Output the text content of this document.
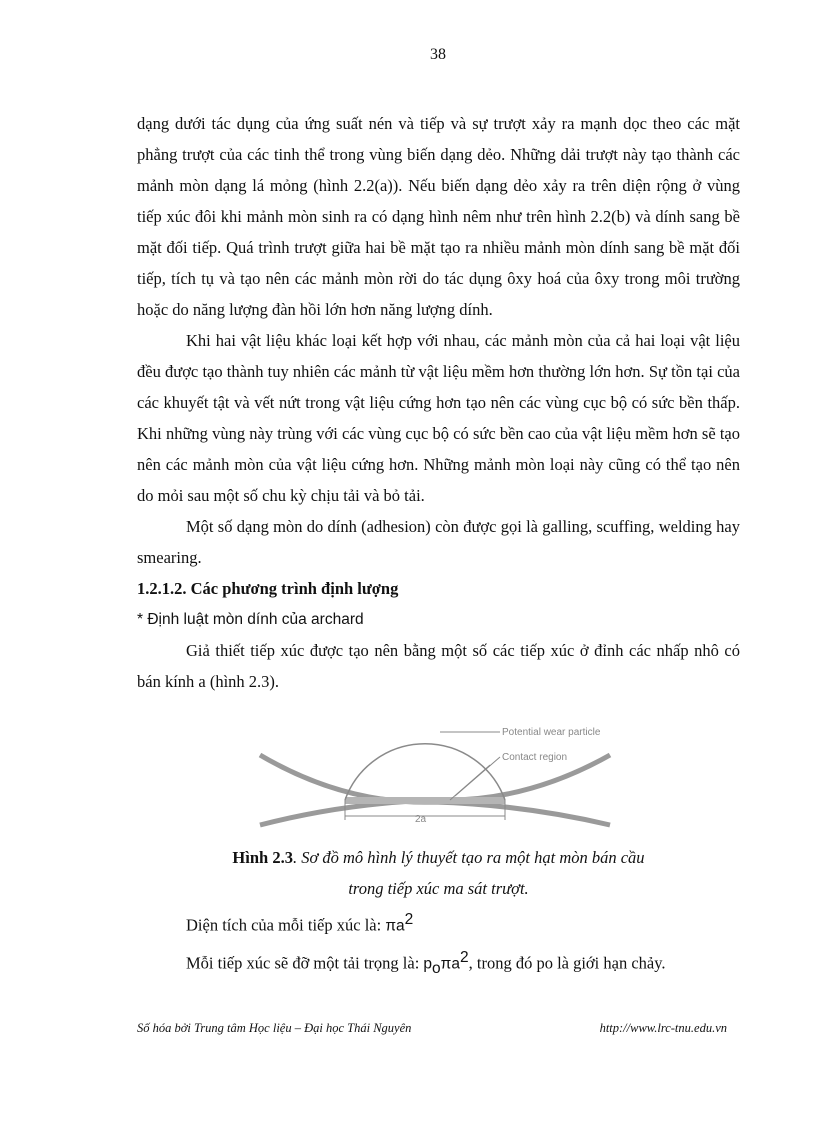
38

dạng dưới tác dụng của ứng suất nén và tiếp và sự trượt xảy ra mạnh dọc theo các mặt phẳng trượt của các tinh thể trong vùng biến dạng dẻo. Những dải trượt này tạo thành các mảnh mòn dạng lá mỏng (hình 2.2(a)). Nếu biến dạng dẻo xảy ra trên diện rộng ở vùng tiếp xúc đôi khi mảnh mòn sinh ra có dạng hình nêm như trên hình 2.2(b) và dính sang bề mặt đối tiếp. Quá trình trượt giữa hai bề mặt tạo ra nhiều mảnh mòn dính sang bề mặt đối tiếp, tích tụ và tạo nên các mảnh mòn rời do tác dụng ôxy hoá của ôxy trong môi trường hoặc do năng lượng đàn hồi lớn hơn năng lượng dính.

Khi hai vật liệu khác loại kết hợp với nhau, các mảnh mòn của cả hai loại vật liệu đều được tạo thành tuy nhiên các mảnh từ vật liệu mềm hơn thường lớn hơn. Sự tồn tại của các khuyết tật và vết nứt trong vật liệu cứng hơn tạo nên các vùng cục bộ có sức bền thấp. Khi những vùng này trùng với các vùng cục bộ có sức bền cao của vật liệu mềm hơn sẽ tạo nên các mảnh mòn của vật liệu cứng hơn. Những mảnh mòn loại này cũng có thể tạo nên do mỏi sau một số chu kỳ chịu tải và bỏ tải.

Một số dạng mòn do dính (adhesion) còn được gọi là galling, scuffing, welding hay smearing.

1.2.1.2. Các phương trình định lượng

* Định luật mòn dính của archard

Giả thiết tiếp xúc được tạo nên bằng một số các tiếp xúc ở đỉnh các nhấp nhô có bán kính a (hình 2.3).

2a
Potential wear particle
Contact region
Hình 2.3. Sơ đồ mô hình lý thuyết tạo ra một hạt mòn bán cầu
trong tiếp xúc ma sát trượt.
Diện tích của mỗi tiếp xúc là: $\pi a^2$
Mỗi tiếp xúc sẽ đỡ một tải trọng là: $p_o\pi a^2$, trong đó po là giới hạn chảy.
Số hóa bởi Trung tâm Học liệu – Đại học Thái Nguyên	http://www.lrc-tnu.edu.vn
